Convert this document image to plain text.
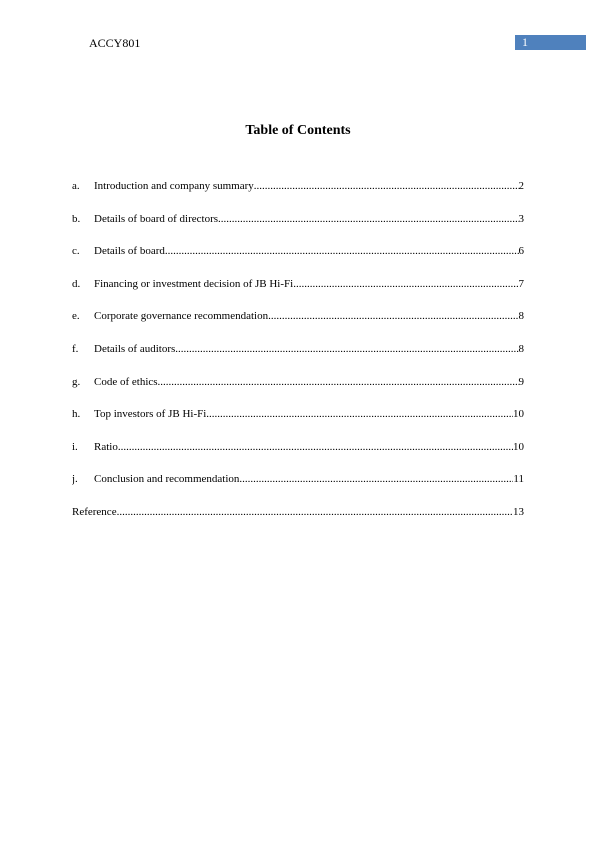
ACCY801	1
Table of Contents
a.	Introduction and company summary .....	2
b.	Details of board of directors .....	3
c.	Details of board .....	6
d.	Financing or investment decision of JB Hi-Fi .....	7
e.	Corporate governance recommendation .....	8
f.	Details of auditors .....	8
g.	Code of ethics .....	9
h.	Top investors of JB Hi-Fi .....	10
i.	Ratio .....	10
j.	Conclusion and recommendation .....	11
Reference .....	13
